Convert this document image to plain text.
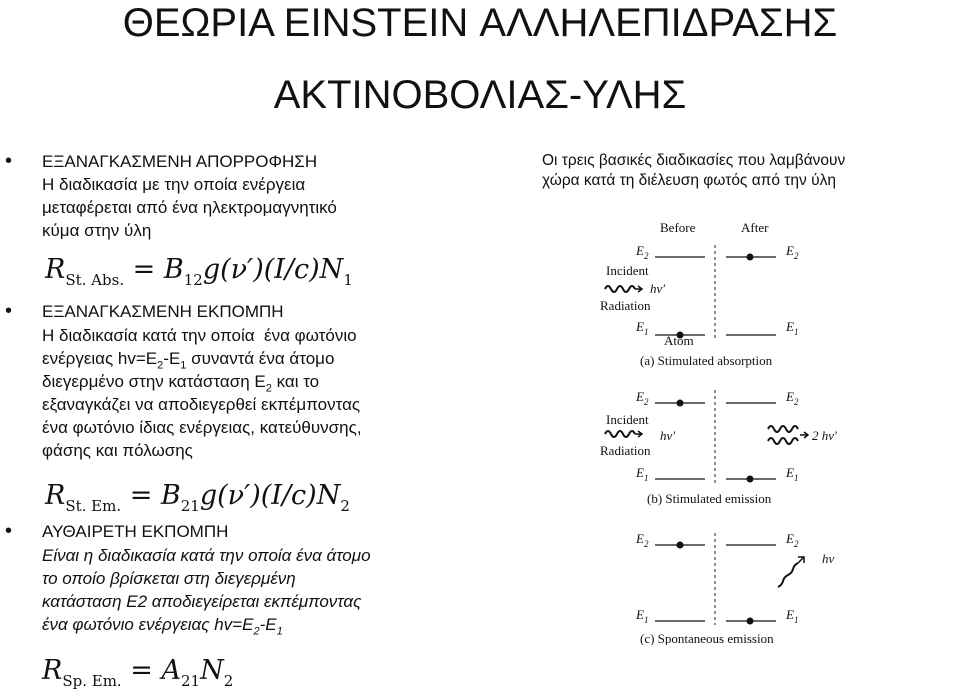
ΘΕΩΡΙΑ EINSTEIN ΑΛΛΗΛΕΠΙΔΡΑΣΗΣ
ΑΚΤΙΝΟΒΟΛΙΑΣ-ΥΛΗΣ
• ΕΞΑΝΑΓΚΑΣΜΕΝΗ ΑΠΟΡΡΟΦΗΣΗ
Η διαδικασία με την οποία ενέργεια
μεταφέρεται από ένα ηλεκτρομαγνητικό
κύμα στην ύλη
$R_{St. Abs.} = B_{12}g(\nu')(I/c)N_1$
• ΕΞΑΝΑΓΚΑΣΜΕΝΗ ΕΚΠΟΜΠΗ
Η διαδικασία κατά την οποία  ένα φωτόνιο
ενέργειας $hv=E_2-E_1$ συναντά ένα άτομο
διεγερμένο στην κατάσταση $E_2$ και το
εξαναγκάζει να αποδιεγερθεί εκπέμποντας
ένα φωτόνιο ίδιας ενέργειας, κατεύθυνσης,
φάσης και πόλωσης
$R_{St. Em.} = B_{21}g(\nu')(I/c)N_2$
• ΑΥΘΑΙΡΕΤΗ ΕΚΠΟΜΠΗ
Είναι η διαδικασία κατά την οποία ένα άτομο
το οποίο βρίσκεται στη διεγερμένη
κατάσταση Ε2 αποδιεγείρεται εκπέμποντας
ένα φωτόνιο ενέργειας $hv=E_2-E_1$
$R_{Sp. Em.} = A_{21}N_2$
Οι τρεις βασικές διαδικασίες που λαμβάνουν
χώρα κατά τη διέλευση φωτός από την ύλη
Before	After
$E_2$	$E_2$
$E_1$	$E_1$
Incident
Radiation
Atom
hν′
(a) Stimulated absorption
$E_2$	$E_2$
$E_1$	$E_1$
Incident
Radiation
hν′	2 hν′
(b) Stimulated emission
$E_2$	$E_2$
$E_1$	$E_1$
hν
(c) Spontaneous emission
